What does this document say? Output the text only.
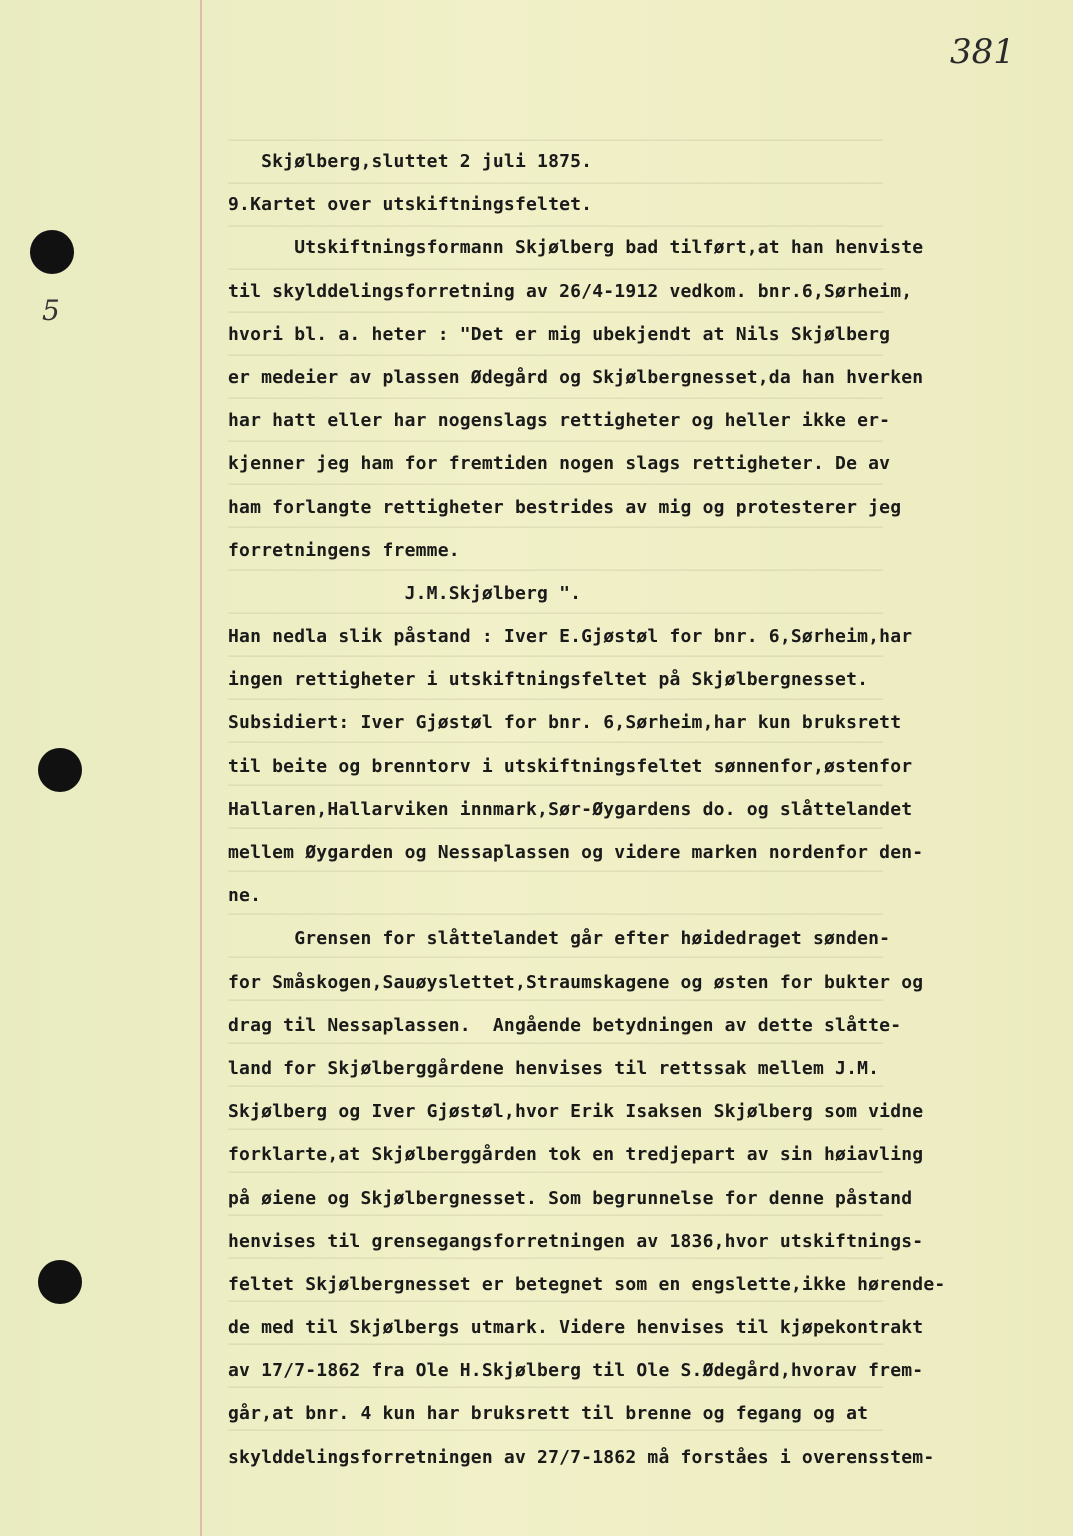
5
381
────────────────────────────────────────────────────────────────
────────────────────────────────────────────────────────────────
────────────────────────────────────────────────────────────────
────────────────────────────────────────────────────────────────
────────────────────────────────────────────────────────────────
────────────────────────────────────────────────────────────────
────────────────────────────────────────────────────────────────
────────────────────────────────────────────────────────────────
────────────────────────────────────────────────────────────────
────────────────────────────────────────────────────────────────
────────────────────────────────────────────────────────────────
────────────────────────────────────────────────────────────────
────────────────────────────────────────────────────────────────
────────────────────────────────────────────────────────────────
────────────────────────────────────────────────────────────────
────────────────────────────────────────────────────────────────
────────────────────────────────────────────────────────────────
────────────────────────────────────────────────────────────────
────────────────────────────────────────────────────────────────
────────────────────────────────────────────────────────────────
────────────────────────────────────────────────────────────────
────────────────────────────────────────────────────────────────
────────────────────────────────────────────────────────────────
────────────────────────────────────────────────────────────────
────────────────────────────────────────────────────────────────
────────────────────────────────────────────────────────────────
────────────────────────────────────────────────────────────────
────────────────────────────────────────────────────────────────
────────────────────────────────────────────────────────────────
────────────────────────────────────────────────────────────────
────────────────────────────────────────────────────────────────
Skjølberg,sluttet 2 juli 1875.
9.Kartet over utskiftningsfeltet.
Utskiftningsformann Skjølberg bad tilført,at han henviste
til skylddelingsforretning av 26/4-1912 vedkom. bnr.6,Sørheim,
hvori bl. a. heter : "Det er mig ubekjendt at Nils Skjølberg
er medeier av plassen Ødegård og Skjølbergnesset,da han hverken
har hatt eller har nogenslags rettigheter og heller ikke er-
kjenner jeg ham for fremtiden nogen slags rettigheter. De av
ham forlangte rettigheter bestrides av mig og protesterer jeg
forretningens fremme.
J.M.Skjølberg ".
Han nedla slik påstand : Iver E.Gjøstøl for bnr. 6,Sørheim,har
ingen rettigheter i utskiftningsfeltet på Skjølbergnesset.
Subsidiert: Iver Gjøstøl for bnr. 6,Sørheim,har kun bruksrett
til beite og brenntorv i utskiftningsfeltet sønnenfor,østenfor
Hallaren,Hallarviken innmark,Sør-Øygardens do. og slåttelandet
mellem Øygarden og Nessaplassen og videre marken nordenfor den-
ne.
Grensen for slåttelandet går efter høidedraget sønden-
for Småskogen,Sauøyslettet,Straumskagene og østen for bukter og
drag til Nessaplassen.  Angående betydningen av dette slåtte-
land for Skjølberggårdene henvises til rettssak mellem J.M.
Skjølberg og Iver Gjøstøl,hvor Erik Isaksen Skjølberg som vidne
forklarte,at Skjølberggården tok en tredjepart av sin høiavling
på øiene og Skjølbergnesset. Som begrunnelse for denne påstand
henvises til grensegangsforretningen av 1836,hvor utskiftnings-
feltet Skjølbergnesset er betegnet som en engslette,ikke hørende-
de med til Skjølbergs utmark. Videre henvises til kjøpekontrakt
av 17/7-1862 fra Ole H.Skjølberg til Ole S.Ødegård,hvorav frem-
går,at bnr. 4 kun har bruksrett til brenne og fegang og at
skylddelingsforretningen av 27/7-1862 må forståes i overensstem-
